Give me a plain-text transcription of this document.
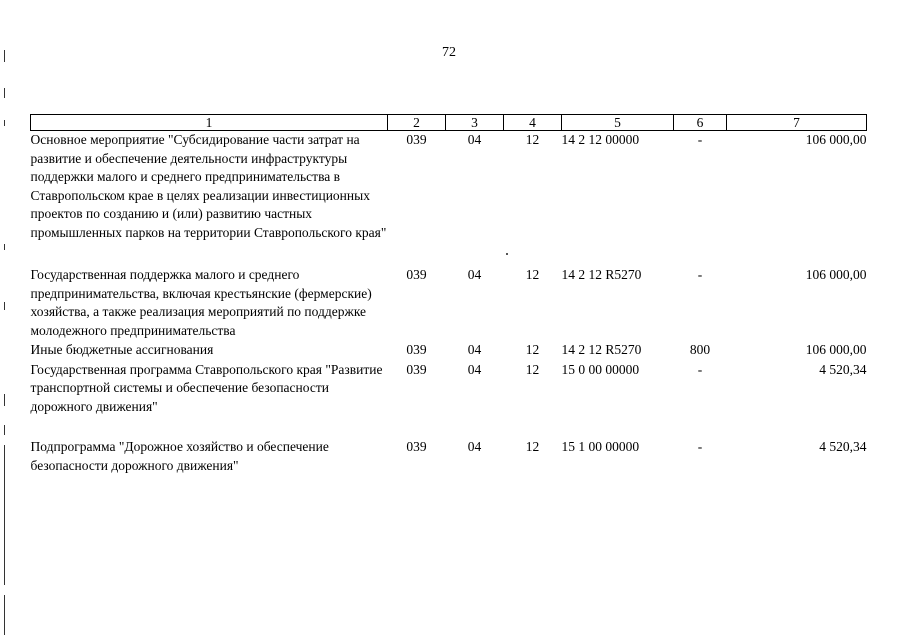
72
1	2	3	4	5	6	7
Основное мероприятие "Субсидирование части затрат на развитие и обеспечение деятельности инфраструктуры поддержки малого и среднего предпринимательства в Ставропольском крае в целях реализации инвестиционных проектов по созданию и (или) развитию частных промышленных парков на территории Ставропольского края"	039	04	12	14 2 12 00000	-	106 000,00
Государственная поддержка малого и среднего предпринимательства, включая крестьянские (фермерские) хозяйства, а также реализация мероприятий по поддержке молодежного предпринимательства	039	04	12	14 2 12 R5270	-	106 000,00
Иные бюджетные ассигнования	039	04	12	14 2 12 R5270	800	106 000,00
Государственная программа Ставропольского края "Развитие транспортной системы и обеспечение безопасности дорожного движения"	039	04	12	15 0 00 00000	-	4 520,34
Подпрограмма "Дорожное хозяйство и обеспечение безопасности дорожного движения"	039	04	12	15 1 00 00000	-	4 520,34
